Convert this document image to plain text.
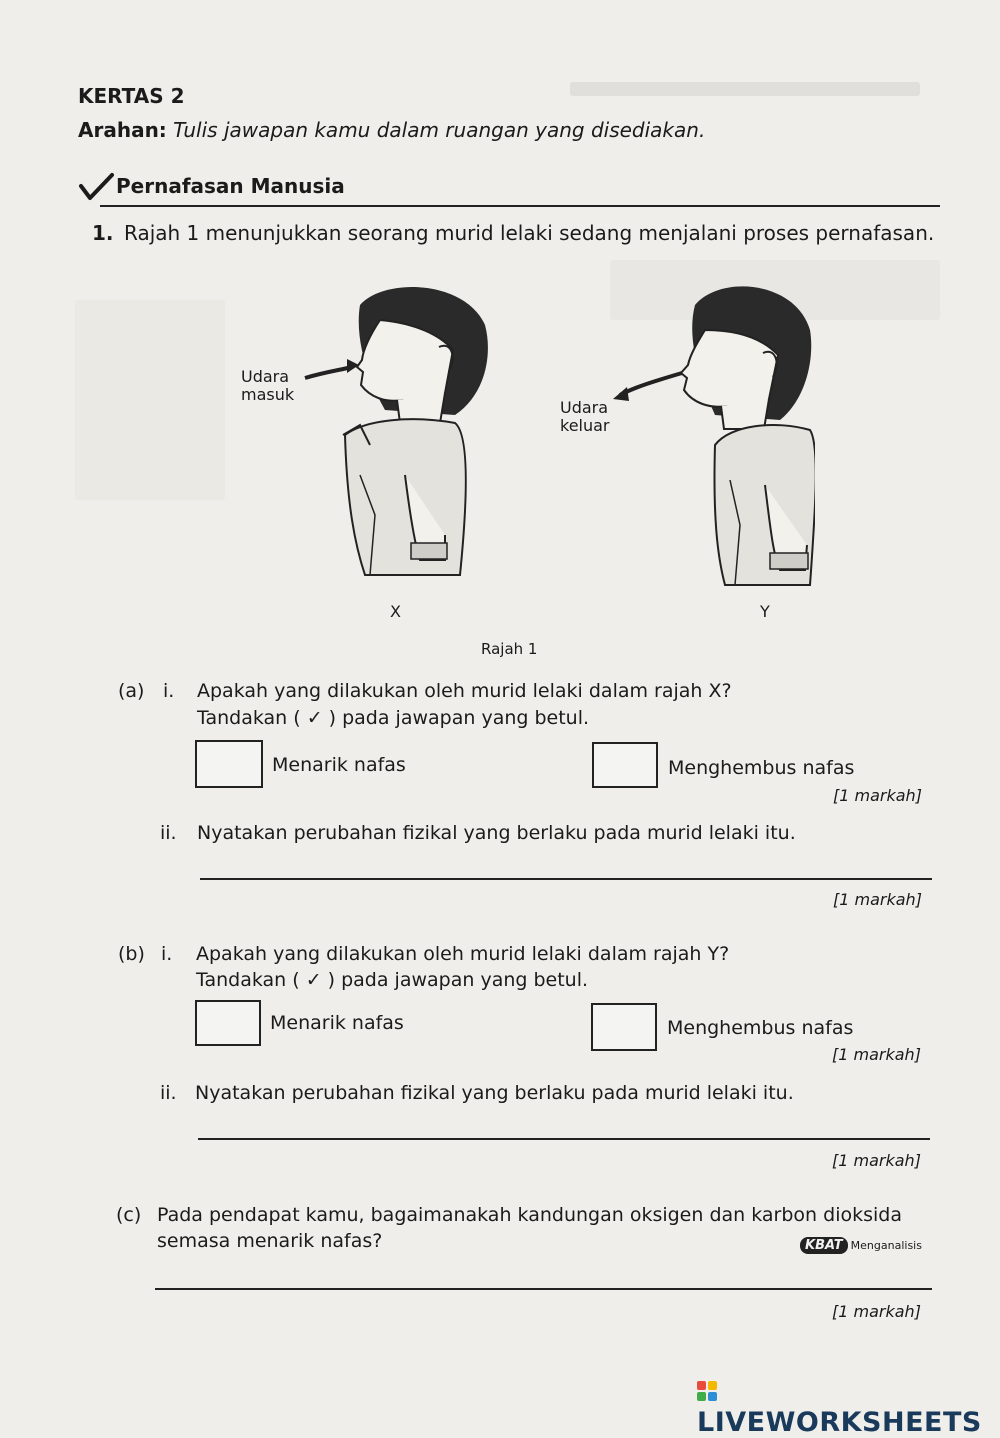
KERTAS 2
Arahan: Tulis jawapan kamu dalam ruangan yang disediakan.
Pernafasan Manusia
1. Rajah 1 menunjukkan seorang murid lelaki sedang menjalani proses pernafasan.
Udara
masuk
Udara
keluar
X	Y
Rajah 1
(a) i. Apakah yang dilakukan oleh murid lelaki dalam rajah X?
Tandakan ( ✓ ) pada jawapan yang betul.
Menarik nafas	Menghembus nafas
[1 markah]
ii. Nyatakan perubahan fizikal yang berlaku pada murid lelaki itu.
[1 markah]
(b) i. Apakah yang dilakukan oleh murid lelaki dalam rajah Y?
Tandakan ( ✓ ) pada jawapan yang betul.
Menarik nafas	Menghembus nafas
[1 markah]
ii. Nyatakan perubahan fizikal yang berlaku pada murid lelaki itu.
[1 markah]
(c) Pada pendapat kamu, bagaimanakah kandungan oksigen dan karbon dioksida
semasa menarik nafas?	KBAT Menganalisis
[1 markah]
LIVEWORKSHEETS
